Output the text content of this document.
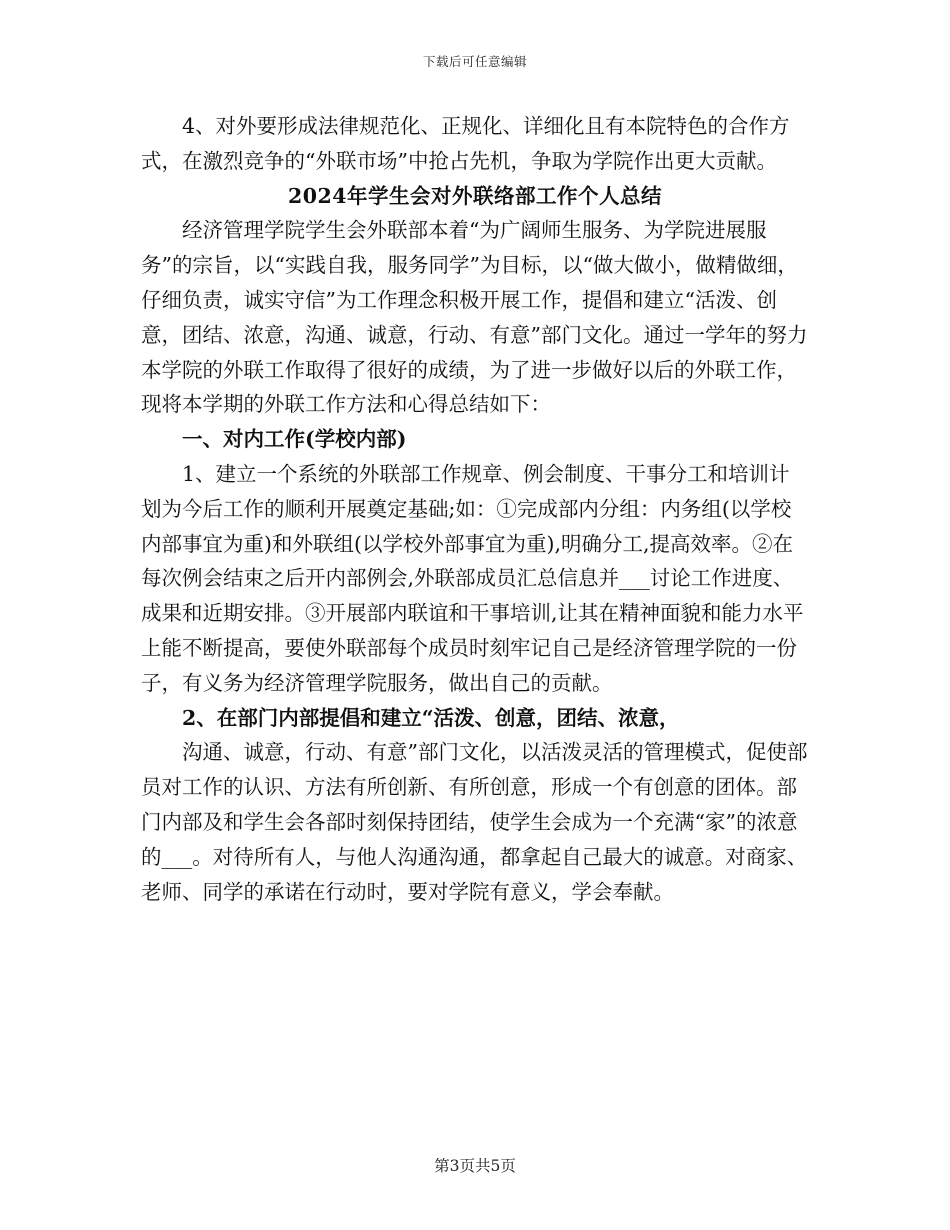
下载后可任意编辑

4、对外要形成法律规范化、正规化、详细化且有本院特色的合作方式，在激烈竞争的“外联市场”中抢占先机，争取为学院作出更大贡献。

2024年学生会对外联络部工作个人总结

经济管理学院学生会外联部本着“为广阔师生服务、为学院进展服务”的宗旨，以“实践自我，服务同学”为目标，以“做大做小，做精做细，仔细负责，诚实守信”为工作理念积极开展工作，提倡和建立“活泼、创意，团结、浓意，沟通、诚意，行动、有意”部门文化。通过一学年的努力本学院的外联工作取得了很好的成绩，为了进一步做好以后的外联工作，现将本学期的外联工作方法和心得总结如下：

一、对内工作(学校内部)

1、建立一个系统的外联部工作规章、例会制度、干事分工和培训计划为今后工作的顺利开展奠定基础;如：①完成部内分组：内务组(以学校内部事宜为重)和外联组(以学校外部事宜为重),明确分工,提高效率。②在每次例会结束之后开内部例会,外联部成员汇总信息并___讨论工作进度、成果和近期安排。③开展部内联谊和干事培训,让其在精神面貌和能力水平上能不断提高，要使外联部每个成员时刻牢记自己是经济管理学院的一份子，有义务为经济管理学院服务，做出自己的贡献。

2、在部门内部提倡和建立“活泼、创意，团结、浓意，

沟通、诚意，行动、有意”部门文化，以活泼灵活的管理模式，促使部员对工作的认识、方法有所创新、有所创意，形成一个有创意的团体。部门内部及和学生会各部时刻保持团结，使学生会成为一个充满“家”的浓意的___。对待所有人，与他人沟通沟通，都拿起自己最大的诚意。对商家、老师、同学的承诺在行动时，要对学院有意义，学会奉献。

第3页共5页
